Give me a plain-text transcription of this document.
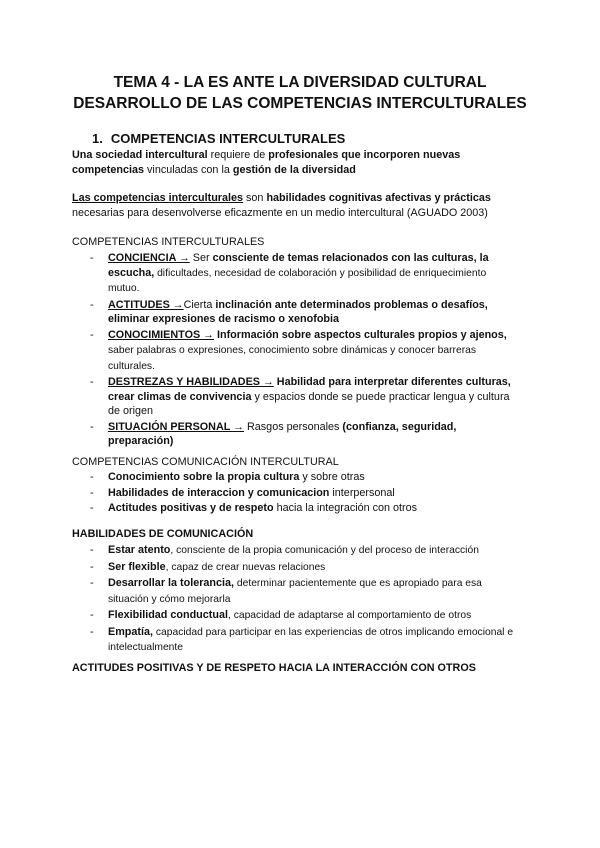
TEMA 4 - LA ES ANTE LA DIVERSIDAD CULTURAL
DESARROLLO DE LAS COMPETENCIAS INTERCULTURALES
1. COMPETENCIAS INTERCULTURALES
Una sociedad intercultural requiere de profesionales que incorporen nuevas competencias vinculadas con la gestión de la diversidad
Las competencias interculturales son habilidades cognitivas afectivas y prácticas necesarias para desenvolverse eficazmente en un medio intercultural (AGUADO 2003)
COMPETENCIAS INTERCULTURALES
- CONCIENCIA → Ser consciente de temas relacionados con las culturas, la escucha, dificultades, necesidad de colaboración y posibilidad de enriquecimiento mutuo.
- ACTITUDES →Cierta inclinación ante determinados problemas o desafíos, eliminar expresiones de racismo o xenofobia
- CONOCIMIENTOS → Información sobre aspectos culturales propios y ajenos, saber palabras o expresiones, conocimiento sobre dinámicas y conocer barreras culturales.
- DESTREZAS Y HABILIDADES → Habilidad para interpretar diferentes culturas, crear climas de convivencia y espacios donde se puede practicar lengua y cultura de origen
- SITUACIÓN PERSONAL → Rasgos personales (confianza, seguridad, preparación)
COMPETENCIAS COMUNICACIÓN INTERCULTURAL
- Conocimiento sobre la propia cultura y sobre otras
- Habilidades de interaccion y comunicacion interpersonal
- Actitudes positivas y de respeto hacia la integración con otros
HABILIDADES DE COMUNICACIÓN
- Estar atento, consciente de la propia comunicación y del proceso de interacción
- Ser flexible, capaz de crear nuevas relaciones
- Desarrollar la tolerancia, determinar pacientemente que es apropiado para esa situación y cómo mejorarla
- Flexibilidad conductual, capacidad de adaptarse al comportamiento de otros
- Empatía, capacidad para participar en las experiencias de otros implicando emocional e intelectualmente
ACTITUDES POSITIVAS Y DE RESPETO HACIA LA INTERACCIÓN CON OTROS
